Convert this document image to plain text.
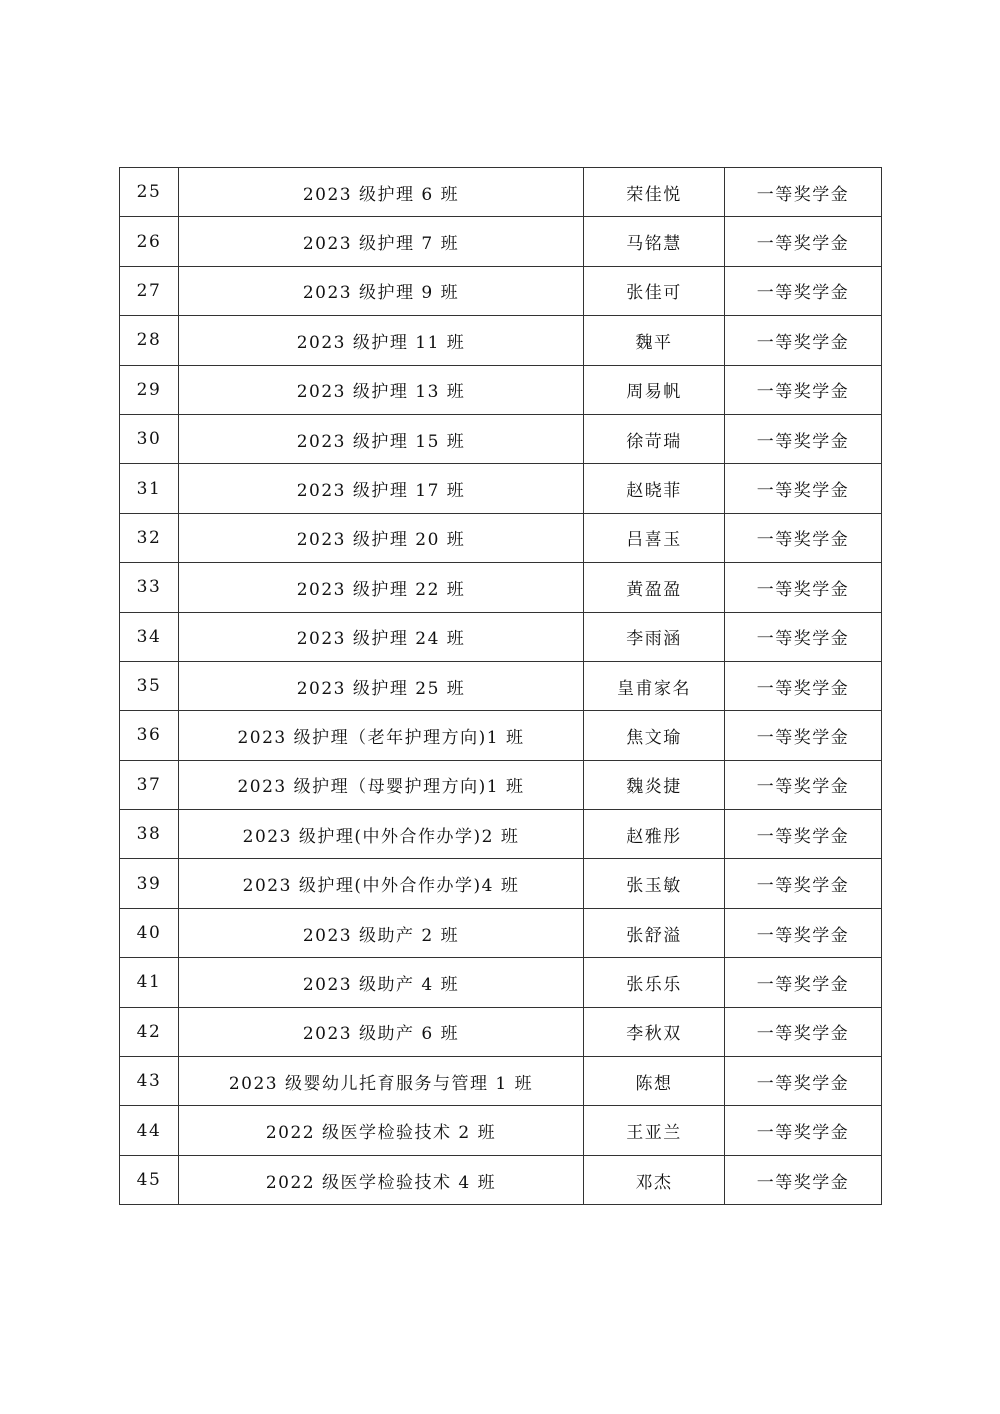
25	2023 级护理 6 班	荣佳悦	一等奖学金
26	2023 级护理 7 班	马铭慧	一等奖学金
27	2023 级护理 9 班	张佳可	一等奖学金
28	2023 级护理 11 班	魏平	一等奖学金
29	2023 级护理 13 班	周易帆	一等奖学金
30	2023 级护理 15 班	徐苛瑞	一等奖学金
31	2023 级护理 17 班	赵晓菲	一等奖学金
32	2023 级护理 20 班	吕喜玉	一等奖学金
33	2023 级护理 22 班	黄盈盈	一等奖学金
34	2023 级护理 24 班	李雨涵	一等奖学金
35	2023 级护理 25 班	皇甫家名	一等奖学金
36	2023 级护理（老年护理方向)1 班	焦文瑜	一等奖学金
37	2023 级护理（母婴护理方向)1 班	魏炎捷	一等奖学金
38	2023 级护理(中外合作办学)2 班	赵雅彤	一等奖学金
39	2023 级护理(中外合作办学)4 班	张玉敏	一等奖学金
40	2023 级助产 2 班	张舒溢	一等奖学金
41	2023 级助产 4 班	张乐乐	一等奖学金
42	2023 级助产 6 班	李秋双	一等奖学金
43	2023 级婴幼儿托育服务与管理 1 班	陈想	一等奖学金
44	2022 级医学检验技术 2 班	王亚兰	一等奖学金
45	2022 级医学检验技术 4 班	邓杰	一等奖学金
